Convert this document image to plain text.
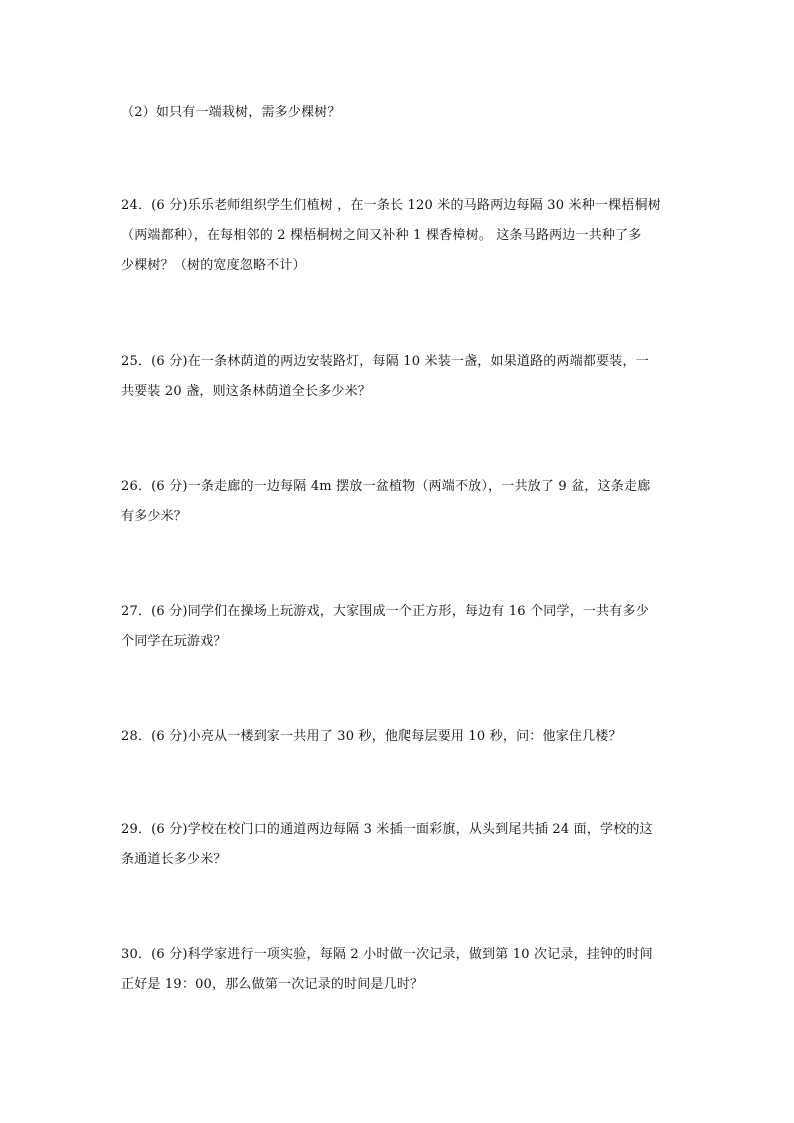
（2）如只有一端栽树，需多少棵树？
24．(6 分)乐乐老师组织学生们植树 ，在一条长 120 米的马路两边每隔 30 米种一棵梧桐树
（两端都种），在每相邻的 2 棵梧桐树之间又补种 1 棵香樟树。 这条马路两边一共种了多
少棵树？（树的宽度忽略不计）
25．(6 分)在一条林荫道的两边安装路灯，每隔 10 米装一盏，如果道路的两端都要装，一
共要装 20 盏，则这条林荫道全长多少米？
26．(6 分)一条走廊的一边每隔 4m 摆放一盆植物（两端不放），一共放了 9 盆，这条走廊
有多少米？
27．(6 分)同学们在操场上玩游戏，大家围成一个正方形，每边有 16 个同学，一共有多少
个同学在玩游戏？
28．(6 分)小亮从一楼到家一共用了 30 秒，他爬每层要用 10 秒，问：他家住几楼？
29．(6 分)学校在校门口的通道两边每隔 3 米插一面彩旗，从头到尾共插 24 面，学校的这
条通道长多少米？
30．(6 分)科学家进行一项实验，每隔 2 小时做一次记录，做到第 10 次记录，挂钟的时间
正好是 19：00，那么做第一次记录的时间是几时？
